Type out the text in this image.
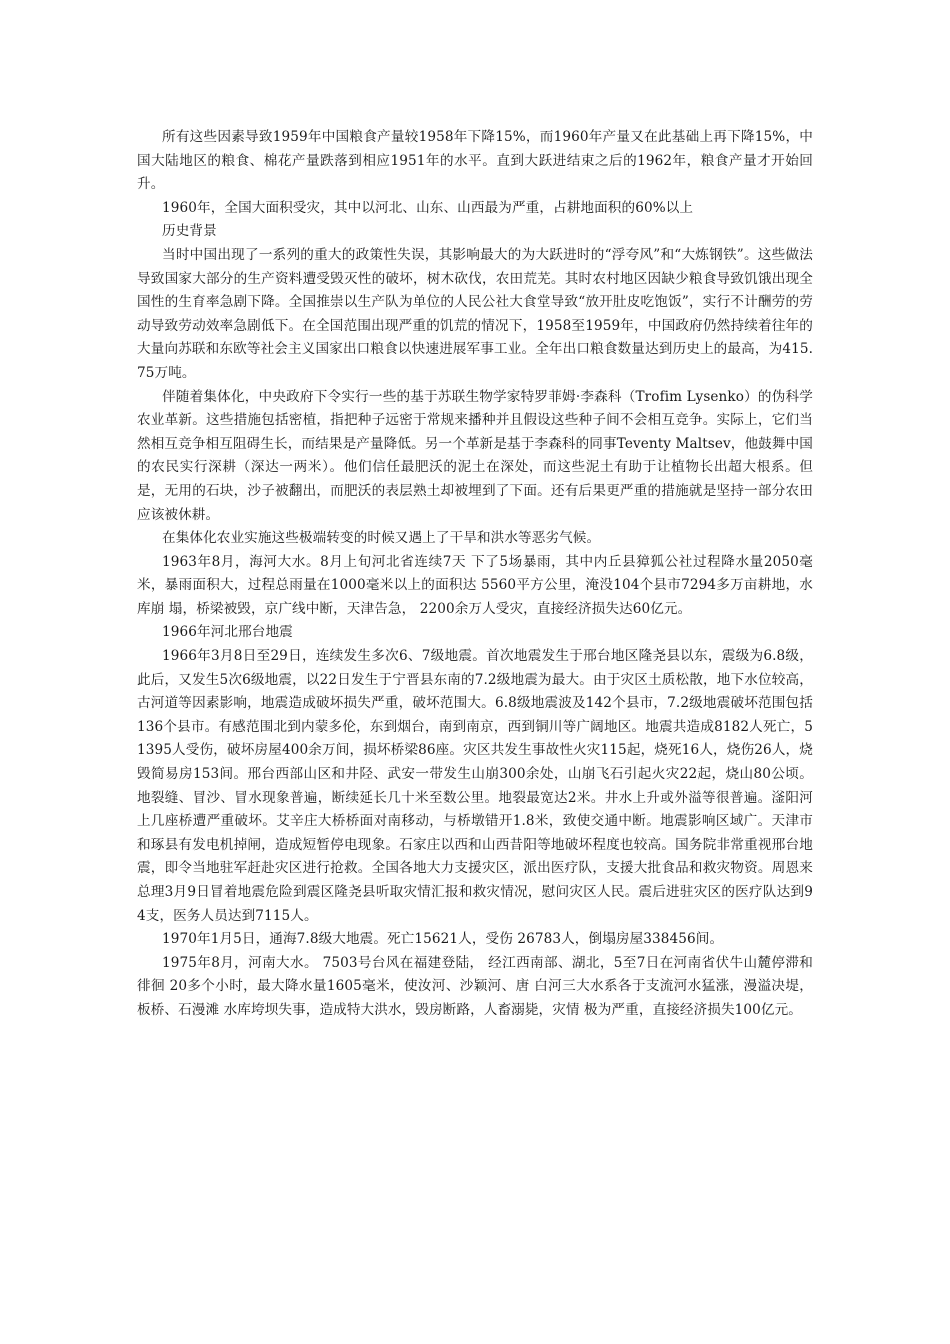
所有这些因素导致1959年中国粮食产量较1958年下降15%，而1960年产量又在此基础上再下降15%，中国大陆地区的粮食、棉花产量跌落到相应1951年的水平。直到大跃进结束之后的1962年，粮食产量才开始回升。

1960年，全国大面积受灾，其中以河北、山东、山西最为严重，占耕地面积的60%以上

历史背景

当时中国出现了一系列的重大的政策性失误，其影响最大的为大跃进时的“浮夸风”和“大炼钢铁”。这些做法导致国家大部分的生产资料遭受毁灭性的破坏，树木砍伐，农田荒芜。其时农村地区因缺少粮食导致饥饿出现全国性的生育率急剧下降。全国推崇以生产队为单位的人民公社大食堂导致“放开肚皮吃饱饭”，实行不计酬劳的劳动导致劳动效率急剧低下。在全国范围出现严重的饥荒的情况下，1958至1959年，中国政府仍然持续着往年的大量向苏联和东欧等社会主义国家出口粮食以快速进展军事工业。全年出口粮食数量达到历史上的最高，为415.75万吨。

伴随着集体化，中央政府下令实行一些的基于苏联生物学家特罗菲姆·李森科（Trofim Lysenko）的伪科学农业革新。这些措施包括密植，指把种子远密于常规来播种并且假设这些种子间不会相互竞争。实际上，它们当然相互竞争相互阻碍生长，而结果是产量降低。另一个革新是基于李森科的同事Teventy Maltsev，他鼓舞中国的农民实行深耕（深达一两米）。他们信任最肥沃的泥土在深处，而这些泥土有助于让植物长出超大根系。但是，无用的石块，沙子被翻出，而肥沃的表层熟土却被埋到了下面。还有后果更严重的措施就是坚持一部分农田应该被休耕。

在集体化农业实施这些极端转变的时候又遇上了干旱和洪水等恶劣气候。

1963年8月，海河大水。8月上旬河北省连续7天 下了5场暴雨，其中内丘县獐狐公社过程降水量2050毫 米，暴雨面积大，过程总雨量在1000毫米以上的面积达 5560平方公里，淹没104个县市7294多万亩耕地，水库崩 塌，桥梁被毁，京广线中断，天津告急， 2200余万人受灾，直接经济损失达60亿元。

1966年河北邢台地震

1966年3月8日至29日，连续发生多次6、7级地震。首次地震发生于邢台地区隆尧县以东，震级为6.8级，此后，又发生5次6级地震，以22日发生于宁晋县东南的7.2级地震为最大。由于灾区土质松散，地下水位较高，古河道等因素影响，地震造成破坏损失严重，破坏范围大。6.8级地震波及142个县市，7.2级地震破坏范围包括136个县市。有感范围北到内蒙多伦，东到烟台，南到南京，西到铜川等广阔地区。地震共造成8182人死亡，51395人受伤，破坏房屋400余万间，损坏桥梁86座。灾区共发生事故性火灾115起，烧死16人，烧伤26人，烧毁简易房153间。邢台西部山区和井陉、武安一带发生山崩300余处，山崩飞石引起火灾22起，烧山80公顷。地裂缝、冒沙、冒水现象普遍，断续延长几十米至数公里。地裂最宽达2米。井水上升或外溢等很普遍。滏阳河上几座桥遭严重破坏。艾辛庄大桥桥面对南移动，与桥墩错开1.8米，致使交通中断。地震影响区域广。天津市和琢县有发电机掉闸，造成短暂停电现象。石家庄以西和山西昔阳等地破坏程度也较高。国务院非常重视邢台地震，即令当地驻军赶赴灾区进行抢救。全国各地大力支援灾区，派出医疗队，支援大批食品和救灾物资。周恩来总理3月9日冒着地震危险到震区隆尧县听取灾情汇报和救灾情况，慰问灾区人民。震后进驻灾区的医疗队达到94支，医务人员达到7115人。

1970年1月5日，通海7.8级大地震。死亡15621人，受伤 26783人，倒塌房屋338456间。

1975年8月，河南大水。 7503号台风在福建登陆， 经江西南部、湖北，5至7日在河南省伏牛山麓停滞和徘徊 20多个小时，最大降水量1605毫米，使汝河、沙颖河、唐 白河三大水系各于支流河水猛涨，漫溢决堤，板桥、石漫滩 水库垮坝失事，造成特大洪水，毁房断路，人畜溺毙，灾情 极为严重，直接经济损失100亿元。
